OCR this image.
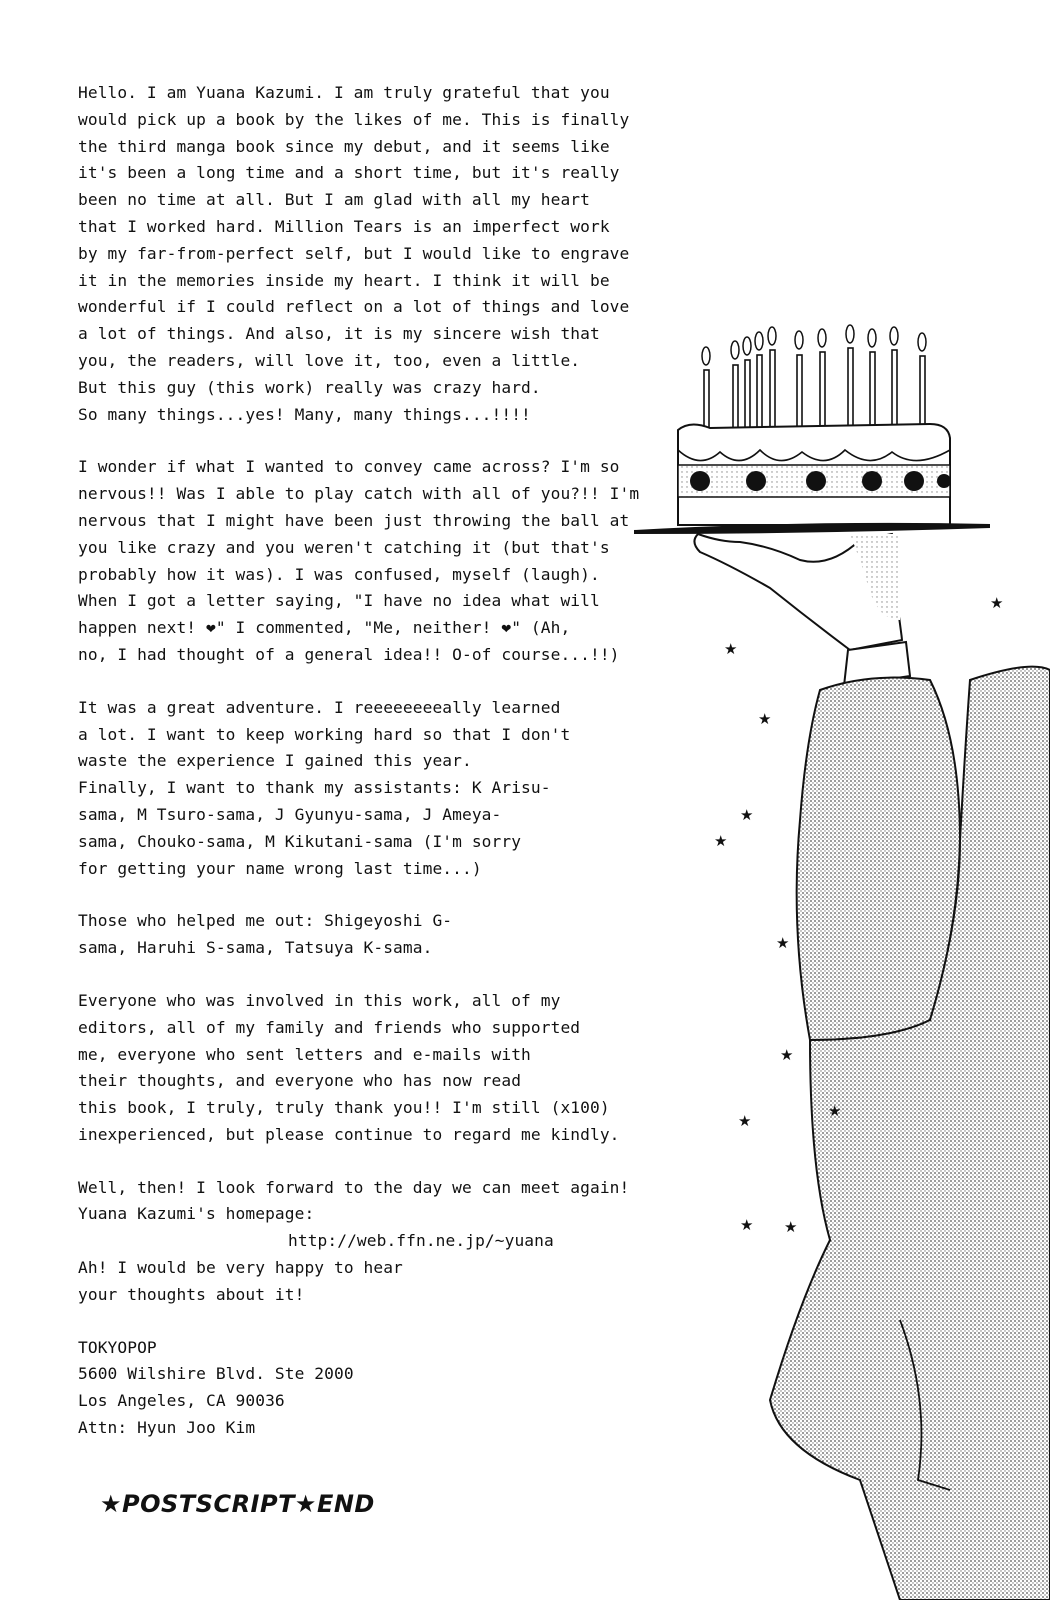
Hello. I am Yuana Kazumi. I am truly grateful that you
would pick up a book by the likes of me. This is finally
the third manga book since my debut, and it seems like
it's been a long time and a short time, but it's really
been no time at all. But I am glad with all my heart
that I worked hard. Million Tears is an imperfect work
by my far-from-perfect self, but I would like to engrave
it in the memories inside my heart. I think it will be
wonderful if I could reflect on a lot of things and love
a lot of things. And also, it is my sincere wish that
you, the readers, will love it, too, even a little.
But this guy (this work) really was crazy hard.
So many things...yes! Many, many things...!!!!
I wonder if what I wanted to convey came across? I'm so
nervous!! Was I able to play catch with all of you?!! I'm
nervous that I might have been just throwing the ball at
you like crazy and you weren't catching it (but that's
probably how it was). I was confused, myself (laugh).
When I got a letter saying, "I have no idea what will
happen next! ❤" I commented, "Me, neither! ❤" (Ah,
no, I had thought of a general idea!! O-of course...!!)
It was a great adventure. I reeeeeeeeally learned
a lot. I want to keep working hard so that I don't
waste the experience I gained this year.
Finally, I want to thank my assistants: K Arisu-
sama, M Tsuro-sama, J Gyunyu-sama, J Ameya-
sama, Chouko-sama, M Kikutani-sama (I'm sorry
for getting your name wrong last time...)
Those who helped me out: Shigeyoshi G-
sama, Haruhi S-sama, Tatsuya K-sama.
Everyone who was involved in this work, all of my
editors, all of my family and friends who supported
me, everyone who sent letters and e-mails with
their thoughts, and everyone who has now read
this book, I truly, truly thank you!! I'm still (x100)
inexperienced, but please continue to regard me kindly.
Well, then! I look forward to the day we can meet again!
Yuana Kazumi's homepage:
http://web.ffn.ne.jp/~yuana
Ah! I would be very happy to hear
your thoughts about it!
TOKYOPOP
5600 Wilshire Blvd. Ste 2000
Los Angeles, CA 90036
Attn: Hyun Joo Kim
★POSTSCRIPT★END
★
★
★
★
★
★
★
★
★
★ ★
